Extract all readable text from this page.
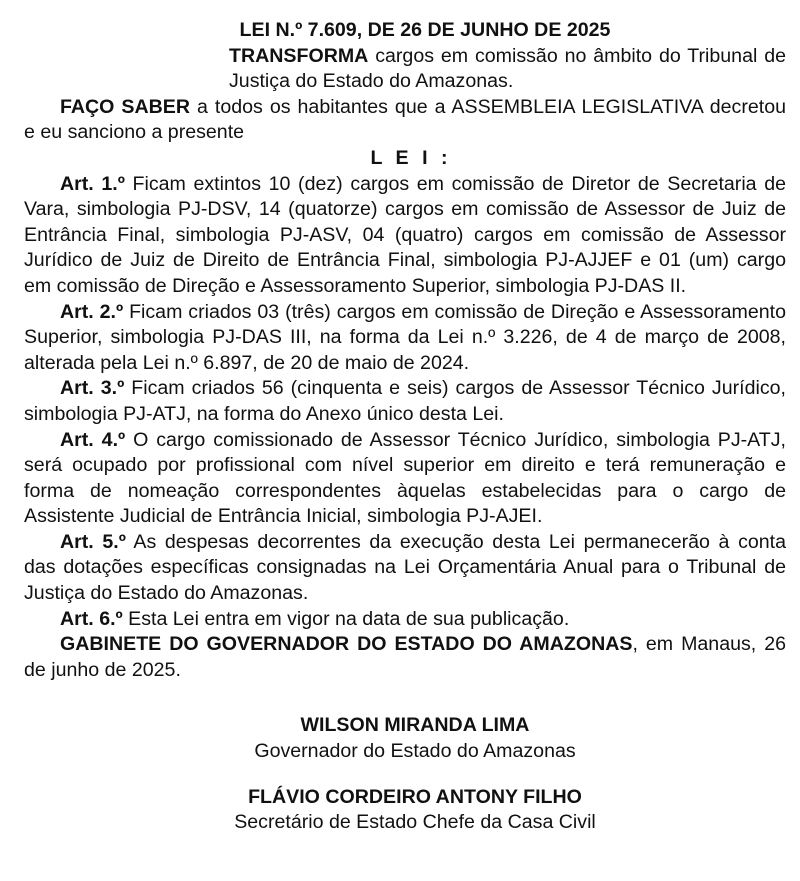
LEI N.º 7.609, DE 26 DE JUNHO DE 2025

TRANSFORMA cargos em comissão no âmbito do Tribunal de Justiça do Estado do Amazonas.

FAÇO SABER a todos os habitantes que a ASSEMBLEIA LEGISLATIVA decretou e eu sanciono a presente

L E I :

Art. 1.º Ficam extintos 10 (dez) cargos em comissão de Diretor de Secretaria de Vara, simbologia PJ-DSV, 14 (quatorze) cargos em comissão de Assessor de Juiz de Entrância Final, simbologia PJ-ASV, 04 (quatro) cargos em comissão de Assessor Jurídico de Juiz de Direito de Entrância Final, simbologia PJ-AJJEF e 01 (um) cargo em comissão de Direção e Assessoramento Superior, simbologia PJ-DAS II.

Art. 2.º Ficam criados 03 (três) cargos em comissão de Direção e Assessoramento Superior, simbologia PJ-DAS III, na forma da Lei n.º 3.226, de 4 de março de 2008, alterada pela Lei n.º 6.897, de 20 de maio de 2024.

Art. 3.º Ficam criados 56 (cinquenta e seis) cargos de Assessor Técnico Jurídico, simbologia PJ-ATJ, na forma do Anexo único desta Lei.

Art. 4.º O cargo comissionado de Assessor Técnico Jurídico, simbologia PJ-ATJ, será ocupado por profissional com nível superior em direito e terá remuneração e forma de nomeação correspondentes àquelas estabelecidas para o cargo de Assistente Judicial de Entrância Inicial, simbologia PJ-AJEI.

Art. 5.º As despesas decorrentes da execução desta Lei permanecerão à conta das dotações específicas consignadas na Lei Orçamentária Anual para o Tribunal de Justiça do Estado do Amazonas.

Art. 6.º Esta Lei entra em vigor na data de sua publicação.

GABINETE DO GOVERNADOR DO ESTADO DO AMAZONAS, em Manaus, 26 de junho de 2025.

WILSON MIRANDA LIMA

Governador do Estado do Amazonas

FLÁVIO CORDEIRO ANTONY FILHO

Secretário de Estado Chefe da Casa Civil
